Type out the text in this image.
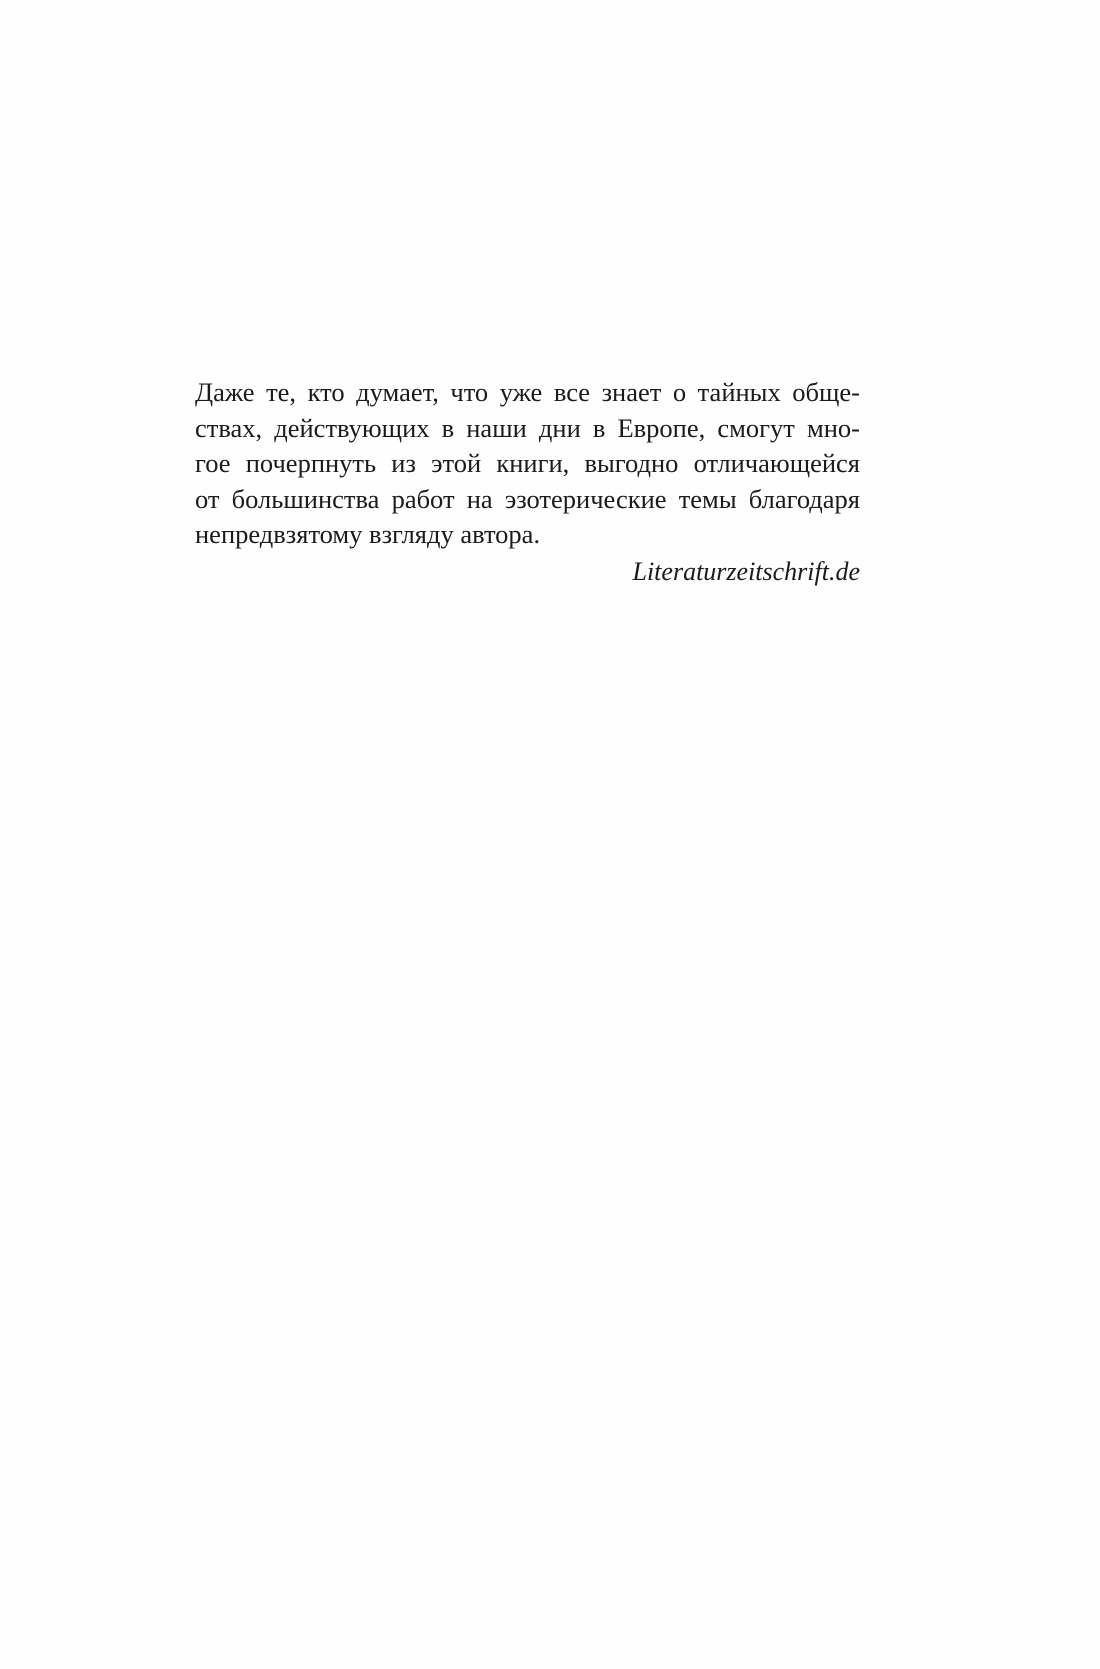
Даже те, кто думает, что уже все знает о тайных обще-
ствах, действующих в наши дни в Европе, смогут мно-
гое почерпнуть из этой книги, выгодно отличающейся
от большинства работ на эзотерические темы благодаря
непредвзятому взгляду автора.
Literaturzeitschrift.de
